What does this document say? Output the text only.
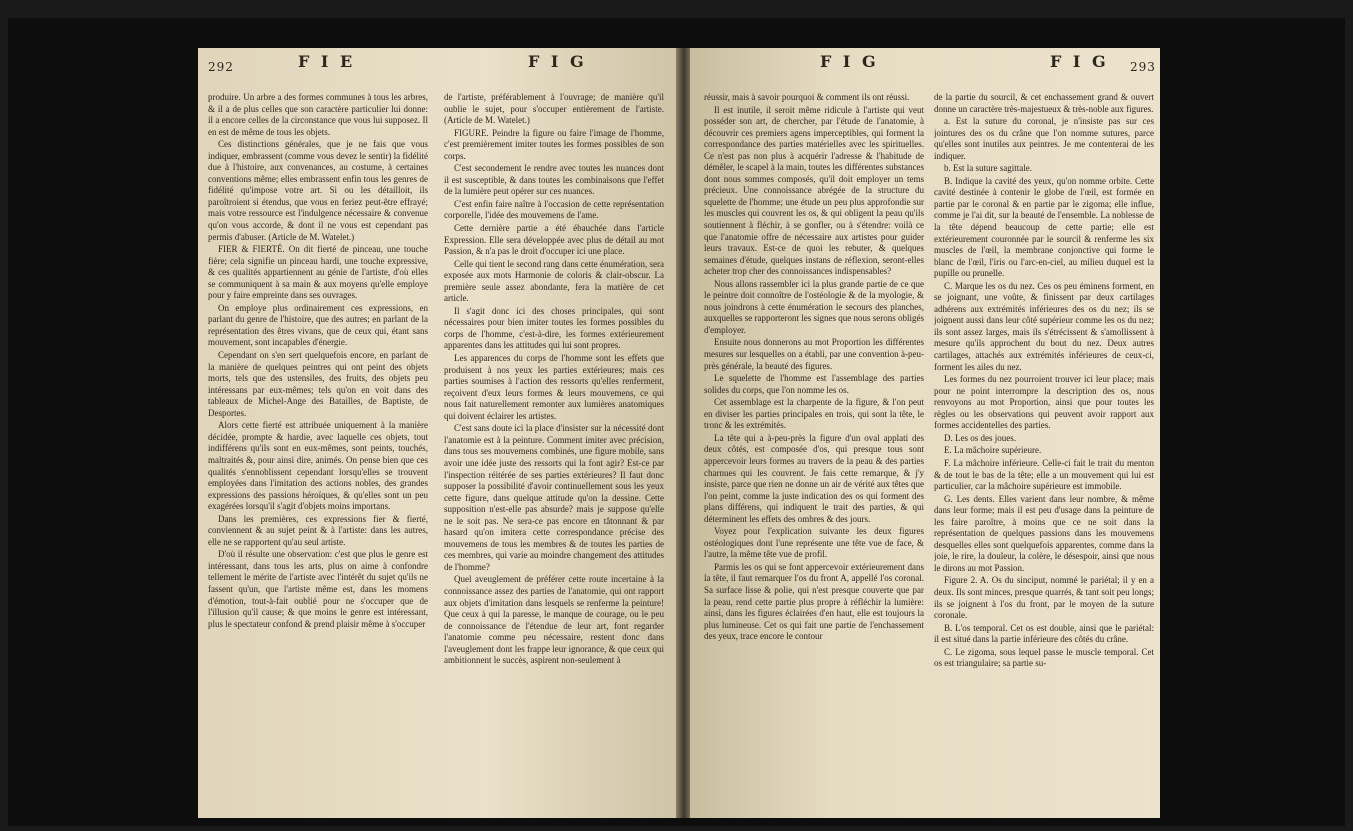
292	F I E	F I G

produire. Un arbre a des formes communes à tous les arbres, & il a de plus celles que son caractère particulier lui donne: il a encore celles de la circonstance que vous lui supposez. Il en est de même de tous les objets.

Ces distinctions générales, que je ne fais que vous indiquer, embrassent (comme vous devez le sentir) la fidélité due à l'histoire, aux convenances, au costume, à certaines conventions même; elles embrassent enfin tous les genres de fidélité qu'impose votre art. Si ou les détailloit, ils paroîtroient si étendus, que vous en feriez peut-être effrayé; mais votre ressource est l'indulgence nécessaire & convenue qu'on vous accorde, & dont il ne vous est cependant pas permis d'abuser. (Article de M. Watelet.)

FIER & FIERTÉ. On dit fierté de pinceau, une touche fière; cela signifie un pinceau hardi, une touche expressive, & ces qualités appartiennent au génie de l'artiste, d'où elles se communiquent à sa main & aux moyens qu'elle employe pour y faire empreinte dans ses ouvrages.

On employe plus ordinairement ces expressions, en parlant du genre de l'histoire, que des autres; en parlant de la représentation des êtres vivans, que de ceux qui, étant sans mouvement, sont incapables d'énergie.

Cependant on s'en sert quelquefois encore, en parlant de la manière de quelques peintres qui ont peint des objets morts, tels que des ustensiles, des fruits, des objets peu intéressans par eux-mêmes; tels qu'on en voit dans des tableaux de Michel-Ange des Batailles, de Baptiste, de Desportes.

Alors cette fierté est attribuée uniquement à la manière décidée, prompte & hardie, avec laquelle ces objets, tout indifférens qu'ils sont en eux-mêmes, sont peints, touchés, maltraités &, pour ainsi dire, animés. On pense bien que ces qualités s'ennoblissent cependant lorsqu'elles se trouvent employées dans l'imitation des actions nobles, des grandes expressions des passions héroïques, & qu'elles sont un peu exagérées lorsqu'il s'agit d'objets moins importans.

Dans les premières, ces expressions fier & fierté, conviennent & au sujet peint & à l'artiste: dans les autres, elle ne se rapportent qu'au seul artiste.

D'où il résulte une observation: c'est que plus le genre est intéressant, dans tous les arts, plus on aime à confondre tellement le mérite de l'artiste avec l'intérêt du sujet qu'ils ne fassent qu'un, que l'artiste même est, dans les momens d'émotion, tout-à-fait oublié pour ne s'occuper que de l'illusion qu'il cause; & que moins le genre est intéressant, plus le spectateur confond & prend plaisir même à s'occuper

de l'artiste, préférablement à l'ouvrage; de manière qu'il oublie le sujet, pour s'occuper entièrement de l'artiste. (Article de M. Watelet.)

FIGURE. Peindre la figure ou faire l'image de l'homme, c'est premièrement imiter toutes les formes possibles de son corps.

C'est secondement le rendre avec toutes les nuances dont il est susceptible, & dans toutes les combinaisons que l'effet de la lumière peut opérer sur ces nuances.

C'est enfin faire naître à l'occasion de cette représentation corporelle, l'idée des mouvemens de l'ame.

Cette dernière partie a été ébauchée dans l'article Expression. Elle sera développée avec plus de détail au mot Passion, & n'a pas le droit d'occuper ici une place.

Celle qui tient le second rang dans cette énumération, sera exposée aux mots Harmonie de coloris & clair-obscur. La première seule assez abondante, fera la matière de cet article.

Il s'agit donc ici des choses principales, qui sont nécessaires pour bien imiter toutes les formes possibles du corps de l'homme, c'est-à-dire, les formes extérieurement apparentes dans les attitudes qui lui sont propres.

Les apparences du corps de l'homme sont les effets que produisent à nos yeux les parties extérieures; mais ces parties soumises à l'action des ressorts qu'elles renferment, reçoivent d'eux leurs formes & leurs mouvemens, ce qui nous fait naturellement remonter aux lumières anatomiques qui doivent éclairer les artistes.

C'est sans doute ici la place d'insister sur la nécessité dont l'anatomie est à la peinture. Comment imiter avec précision, dans tous ses mouvemens combinés, une figure mobile, sans avoir une idée juste des ressorts qui la font agir? Est-ce par l'inspection réitérée de ses parties extérieures? Il faut donc supposer la possibilité d'avoir continuellement sous les yeux cette figure, dans quelque attitude qu'on la dessine. Cette supposition n'est-elle pas absurde? mais je suppose qu'elle ne le soit pas. Ne sera-ce pas encore en tâtonnant & par hasard qu'on imitera cette correspondance précise des mouvemens de tous les membres & de toutes les parties de ces membres, qui varie au moindre changement des attitudes de l'homme?

Quel aveuglement de préférer cette route incertaine à la connoissance assez des parties de l'anatomie, qui ont rapport aux objets d'imitation dans lesquels se renferme la peinture! Que ceux à qui la paresse, le manque de courage, ou le peu de connoissance de l'étendue de leur art, font regarder l'anatomie comme peu nécessaire, restent donc dans l'aveuglement dont les frappe leur ignorance, & que ceux qui ambitionnent le succès, aspirent non-seulement à

F I G	F I G 293

réussir, mais à savoir pourquoi & comment ils ont réussi.

Il est inutile, il seroit même ridicule à l'artiste qui veut posséder son art, de chercher, par l'étude de l'anatomie, à découvrir ces premiers agens imperceptibles, qui forment la correspondance des parties matérielles avec les spirituelles. Ce n'est pas non plus à acquérir l'adresse & l'habitude de démêler, le scapel à la main, toutes les différentes substances dont nous sommes composés, qu'il doit employer un tems précieux. Une connoissance abrégée de la structure du squelette de l'homme; une étude un peu plus approfondie sur les muscles qui couvrent les os, & qui obligent la peau qu'ils soutiennent à fléchir, à se gonfler, ou à s'étendre: voilà ce que l'anatomie offre de nécessaire aux artistes pour guider leurs travaux. Est-ce de quoi les rebuter, & quelques semaines d'étude, quelques instans de réflexion, seront-elles acheter trop cher des connoissances indispensables?

Nous allons rassembler ici la plus grande partie de ce que le peintre doit connoître de l'ostéologie & de la myologie, & nous joindrons à cette énumération le secours des planches, auxquelles se rapporteront les signes que nous serons obligés d'employer.

Ensuite nous donnerons au mot Proportion les différentes mesures sur lesquelles on a établi, par une convention à-peu-près générale, la beauté des figures.

Le squelette de l'homme est l'assemblage des parties solides du corps, que l'on nomme les os.

Cet assemblage est la charpente de la figure, & l'on peut en diviser les parties principales en trois, qui sont la tête, le tronc & les extrémités.

La tête qui a à-peu-près la figure d'un oval applati des deux côtés, est composée d'os, qui presque tous sont appercevoir leurs formes au travers de la peau & des parties charnues qui les couvrent. Je fais cette remarque, & j'y insiste, parce que rien ne donne un air de vérité aux têtes que l'on peint, comme la juste indication des os qui forment des plans différens, qui indiquent le trait des parties, & qui déterminent les effets des ombres & des jours.

Voyez pour l'explication suivante les deux figures ostéologiques dont l'une représente une tête vue de face, & l'autre, la même tête vue de profil.

Parmis les os qui se font appercevoir extérieurement dans la tête, il faut remarquer l'os du front A, appellé l'os coronal. Sa surface lisse & polie, qui n'est presque couverte que par la peau, rend cette partie plus propre à réfléchir la lumière: ainsi, dans les figures éclairées d'en haut, elle est toujours la plus lumineuse. Cet os qui fait une partie de l'enchassement des yeux, trace encore le contour

de la partie du sourcil, & cet enchassement grand & ouvert donne un caractère très-majestueux & très-noble aux figures.

a. Est la suture du coronal, je n'insiste pas sur ces jointures des os du crâne que l'on nomme sutures, parce qu'elles sont inutiles aux peintres. Je me contenterai de les indiquer.

b. Est la suture sagittale.

B. Indique la cavité des yeux, qu'on nomme orbite. Cette cavité destinée à contenir le globe de l'œil, est formée en partie par le coronal & en partie par le zigoma; elle influe, comme je l'ai dit, sur la beauté de l'ensemble. La noblesse de la tête dépend beaucoup de cette partie; elle est extérieurement couronnée par le sourcil & renferme les six muscles de l'œil, la membrane conjonctive qui forme le blanc de l'œil, l'iris ou l'arc-en-ciel, au milieu duquel est la pupille ou prunelle.

C. Marque les os du nez. Ces os peu éminens forment, en se joignant, une voûte, & finissent par deux cartilages adhérens aux extrémités inférieures des os du nez; ils se joignent aussi dans leur côté supérieur comme les os du nez; ils sont assez larges, mais ils s'étrécissent & s'amollissent à mesure qu'ils approchent du bout du nez. Deux autres cartilages, attachés aux extrémités inférieures de ceux-ci, forment les ailes du nez.

Les formes du nez pourroient trouver ici leur place; mais pour ne point interrompre la description des os, nous renvoyons au mot Proportion, ainsi que pour toutes les règles ou les observations qui peuvent avoir rapport aux formes accidentelles des parties.

D. Les os des joues.

E. La mâchoire supérieure.

F. La mâchoire inférieure. Celle-ci fait le trait du menton & de tout le bas de la tête; elle a un mouvement qui lui est particulier, car la mâchoire supérieure est immobile.

G. Les dents. Elles varient dans leur nombre, & même dans leur forme; mais il est peu d'usage dans la peinture de les faire paroître, à moins que ce ne soit dans la représentation de quelques passions dans les mouvemens desquelles elles sont quelquefois apparentes, comme dans la joie, le rire, la douleur, la colère, le désespoir, ainsi que nous le dirons au mot Passion.

Figure 2. A. Os du sinciput, nommé le pariétal; il y en a deux. Ils sont minces, presque quarrés, & tant soit peu longs; ils se joignent à l'os du front, par le moyen de la suture coronale.

B. L'os temporal. Cet os est double, ainsi que le pariétal: il est situé dans la partie inférieure des côtés du crâne.

C. Le zigoma, sous lequel passe le muscle temporal. Cet os est triangulaire; sa partie su-
